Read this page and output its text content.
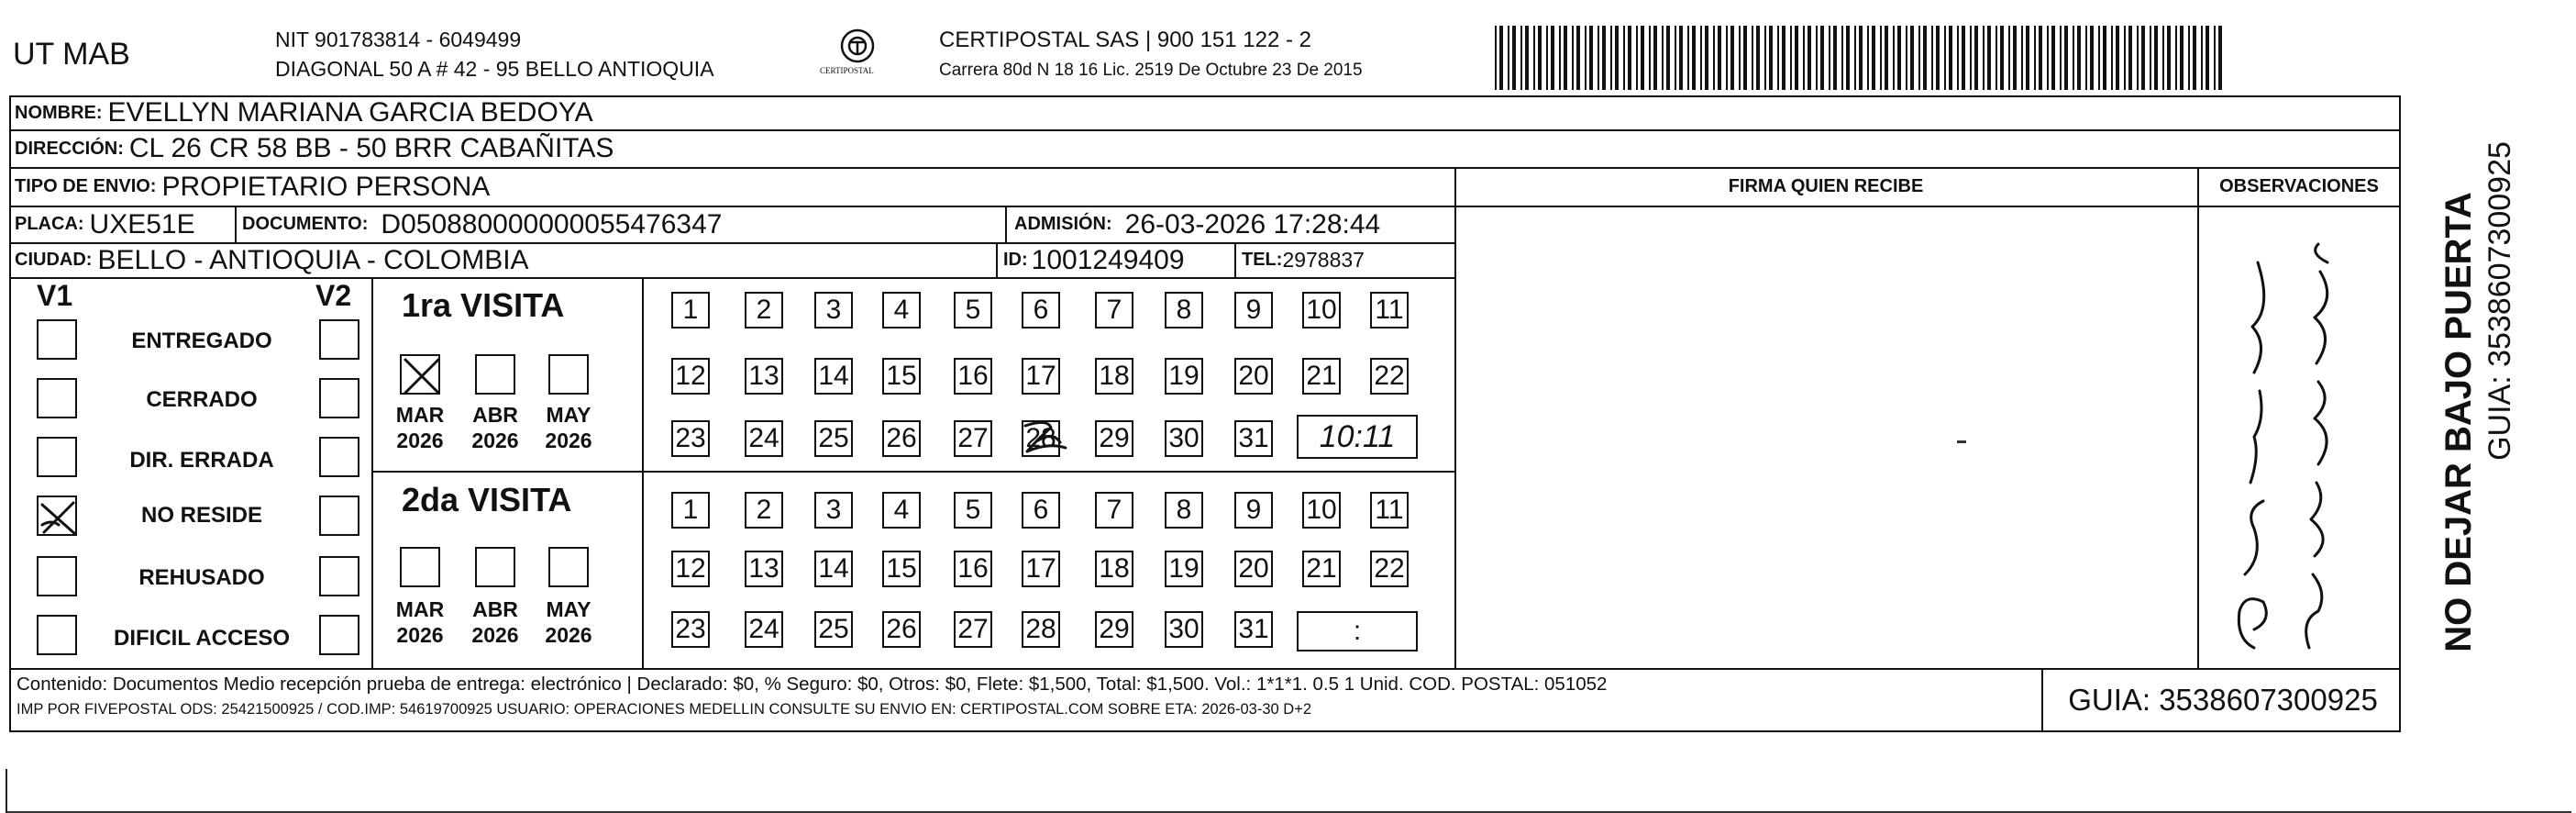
UT MAB	NIT 901783814 - 6049499
DIAGONAL 50 A # 42 - 95 BELLO ANTIOQUIA	CERTIPOSTAL
CERTIPOSTAL SAS | 900 151 122 - 2
Carrera 80d N 18 16 Lic. 2519 De Octubre 23 De 2015
NOMBRE: EVELLYN MARIANA GARCIA BEDOYA
DIRECCIÓN: CL 26 CR 58 BB - 50 BRR CABAÑITAS
TIPO DE ENVIO: PROPIETARIO PERSONA	FIRMA QUIEN RECIBE	OBSERVACIONES
PLACA: UXE51E	DOCUMENTO: D050880000000055476347	ADMISIÓN: 26-03-2026 17:28:44
CIUDAD: BELLO - ANTIOQUIA - COLOMBIA	ID: 1001249409	TEL: 2978837
V1	V2
ENTREGADO
CERRADO
DIR. ERRADA
NO RESIDE
REHUSADO
DIFICIL ACCESO
1ra VISITA
MAR
2026
ABR
2026
MAY
2026
1	2	3	4	5	6	7	8	9	10 11
12 13 14 15 16 17 18 19 20 21 22
23 24 25 26 27 28 29 30 31 10:11
2da VISITA
MAR
2026
ABR
2026
MAY
2026
1	2	3	4	5	6	7	8	9	10 11
12 13 14 15 16 17 18 19 20 21 22
23 24 25 26 27 28 29 30 31	:
Contenido: Documentos Medio recepción prueba de entrega: electrónico | Declarado: $0, % Seguro: $0, Otros: $0, Flete: $1,500, Total: $1,500. Vol.: 1*1*1. 0.5 1 Unid. COD. POSTAL: 051052
IMP POR FIVEPOSTAL ODS: 25421500925 / COD.IMP: 54619700925 USUARIO: OPERACIONES MEDELLIN CONSULTE SU ENVIO EN: CERTIPOSTAL.COM SOBRE ETA: 2026-03-30 D+2	GUIA: 3538607300925
NO DEJAR BAJO PUERTA GUIA: 3538607300925
